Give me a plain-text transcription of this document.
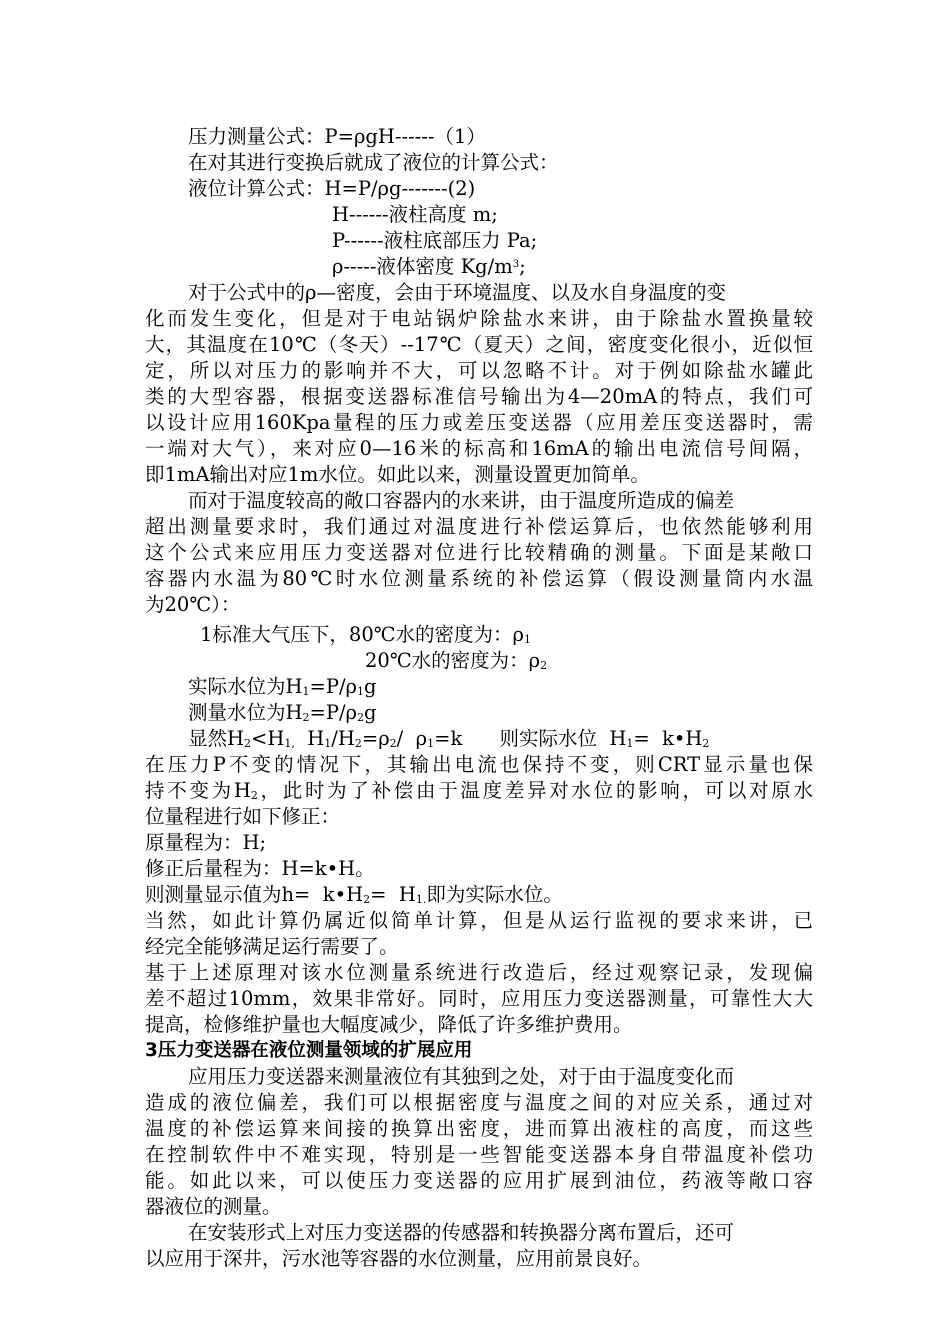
压力测量公式：P=ρgH------（1）
在对其进行变换后就成了液位的计算公式：
液位计算公式：H=P/ρg-------(2)
H------液柱高度 m;
P------液柱底部压力 Pa;
ρ-----液体密度 $Kg/m^3$;
对于公式中的ρ—密度，会由于环境温度、以及水自身温度的变
化而发生变化，但是对于电站锅炉除盐水来讲，由于除盐水置换量较
大，其温度在10℃（冬天）--17℃（夏天）之间，密度变化很小，近似恒
定，所以对压力的影响并不大，可以忽略不计。对于例如除盐水罐此
类的大型容器，根据变送器标准信号输出为4—20mA的特点，我们可
以设计应用160Kpa量程的压力或差压变送器（应用差压变送器时，需
一端对大气），来对应0—16米的标高和16mA的输出电流信号间隔，
即1mA输出对应1m水位。如此以来，测量设置更加简单。
而对于温度较高的敞口容器内的水来讲，由于温度所造成的偏差
超出测量要求时，我们通过对温度进行补偿运算后，也依然能够利用
这个公式来应用压力变送器对位进行比较精确的测量。下面是某敞口
容器内水温为80℃时水位测量系统的补偿运算（假设测量筒内水温
为20℃）：
1标准大气压下，80℃水的密度为：$\rho_1$
20℃水的密度为：$\rho_2$
实际水位为$H_1=P/\rho_1g$
测量水位为$H_2=P/\rho_2g$
显然$H_2<H_{1,}$  $H_1/H_2=\rho_2/$  $\rho_1=k$      则实际水位  $H_1=$  $k•H_2$
在压力P不变的情况下，其输出电流也保持不变，则CRT显示量也保
持不变为$H_2$，此时为了补偿由于温度差异对水位的影响，可以对原水
位量程进行如下修正：
原量程为：H;
修正后量程为：H=k•H。
则测量显示值为$h= k•H_2= H_{1.}$即为实际水位。
当然，如此计算仍属近似简单计算，但是从运行监视的要求来讲，已
经完全能够满足运行需要了。
基于上述原理对该水位测量系统进行改造后，经过观察记录，发现偏
差不超过10mm，效果非常好。同时，应用压力变送器测量，可靠性大大
提高，检修维护量也大幅度减少，降低了许多维护费用。
3压力变送器在液位测量领域的扩展应用
应用压力变送器来测量液位有其独到之处，对于由于温度变化而
造成的液位偏差，我们可以根据密度与温度之间的对应关系，通过对
温度的补偿运算来间接的换算出密度，进而算出液柱的高度，而这些
在控制软件中不难实现，特别是一些智能变送器本身自带温度补偿功
能。如此以来，可以使压力变送器的应用扩展到油位，药液等敞口容
器液位的测量。
在安装形式上对压力变送器的传感器和转换器分离布置后，还可
以应用于深井，污水池等容器的水位测量，应用前景良好。
